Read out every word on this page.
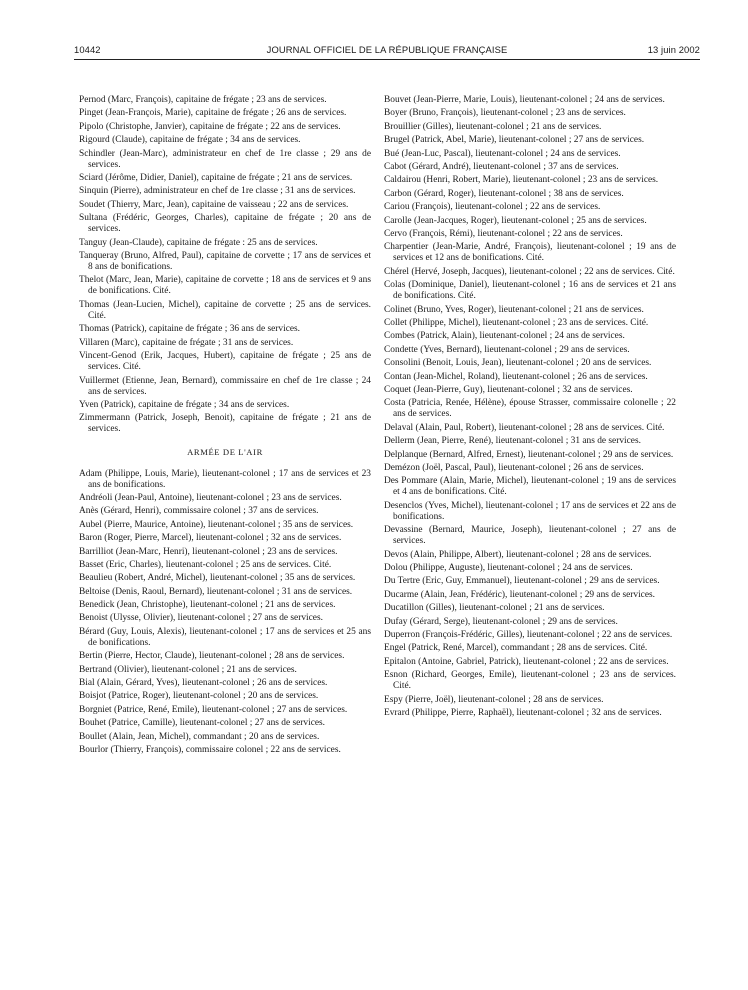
10442	JOURNAL OFFICIEL DE LA RÉPUBLIQUE FRANÇAISE	13 juin 2002

Pernod (Marc, François), capitaine de frégate ; 23 ans de services.

Pinget (Jean-François, Marie), capitaine de frégate ; 26 ans de services.

Pipolo (Christophe, Janvier), capitaine de frégate ; 22 ans de services.

Rigourd (Claude), capitaine de frégate ; 34 ans de services.

Schindler (Jean-Marc), administrateur en chef de 1re classe ; 29 ans de services.

Sciard (Jérôme, Didier, Daniel), capitaine de frégate ; 21 ans de services.

Sinquin (Pierre), administrateur en chef de 1re classe ; 31 ans de services.

Soudet (Thierry, Marc, Jean), capitaine de vaisseau ; 22 ans de services.

Sultana (Frédéric, Georges, Charles), capitaine de frégate ; 20 ans de services.

Tanguy (Jean-Claude), capitaine de frégate : 25 ans de services.

Tanqueray (Bruno, Alfred, Paul), capitaine de corvette ; 17 ans de services et 8 ans de bonifications.

Thelot (Marc, Jean, Marie), capitaine de corvette ; 18 ans de services et 9 ans de bonifications. Cité.

Thomas (Jean-Lucien, Michel), capitaine de corvette ; 25 ans de services. Cité.

Thomas (Patrick), capitaine de frégate ; 36 ans de services.

Villaren (Marc), capitaine de frégate ; 31 ans de services.

Vincent-Genod (Erik, Jacques, Hubert), capitaine de frégate ; 25 ans de services. Cité.

Vuillermet (Etienne, Jean, Bernard), commissaire en chef de 1re classe ; 24 ans de services.

Yven (Patrick), capitaine de frégate ; 34 ans de services.

Zimmermann (Patrick, Joseph, Benoit), capitaine de frégate ; 21 ans de services.

ARMÉE DE L'AIR

Adam (Philippe, Louis, Marie), lieutenant-colonel ; 17 ans de services et 23 ans de bonifications.

Andréoli (Jean-Paul, Antoine), lieutenant-colonel ; 23 ans de services.

Anès (Gérard, Henri), commissaire colonel ; 37 ans de services.

Aubel (Pierre, Maurice, Antoine), lieutenant-colonel ; 35 ans de services.

Baron (Roger, Pierre, Marcel), lieutenant-colonel ; 32 ans de services.

Barrilliot (Jean-Marc, Henri), lieutenant-colonel ; 23 ans de services.

Basset (Eric, Charles), lieutenant-colonel ; 25 ans de services. Cité.

Beaulieu (Robert, André, Michel), lieutenant-colonel ; 35 ans de services.

Beltoise (Denis, Raoul, Bernard), lieutenant-colonel ; 31 ans de services.

Benedick (Jean, Christophe), lieutenant-colonel ; 21 ans de services.

Benoist (Ulysse, Olivier), lieutenant-colonel ; 27 ans de services.

Bérard (Guy, Louis, Alexis), lieutenant-colonel ; 17 ans de services et 25 ans de bonifications.

Bertin (Pierre, Hector, Claude), lieutenant-colonel ; 28 ans de services.

Bertrand (Olivier), lieutenant-colonel ; 21 ans de services.

Bial (Alain, Gérard, Yves), lieutenant-colonel ; 26 ans de services.

Boisjot (Patrice, Roger), lieutenant-colonel ; 20 ans de services.

Borgniet (Patrice, René, Emile), lieutenant-colonel ; 27 ans de services.

Bouhet (Patrice, Camille), lieutenant-colonel ; 27 ans de services.

Boullet (Alain, Jean, Michel), commandant ; 20 ans de services.

Bourlor (Thierry, François), commissaire colonel ; 22 ans de services.

Bouvet (Jean-Pierre, Marie, Louis), lieutenant-colonel ; 24 ans de services.

Boyer (Bruno, François), lieutenant-colonel ; 23 ans de services.

Brouillier (Gilles), lieutenant-colonel ; 21 ans de services.

Brugel (Patrick, Abel, Marie), lieutenant-colonel ; 27 ans de services.

Bué (Jean-Luc, Pascal), lieutenant-colonel ; 24 ans de services.

Cabot (Gérard, André), lieutenant-colonel ; 37 ans de services.

Caldairou (Henri, Robert, Marie), lieutenant-colonel ; 23 ans de services.

Carbon (Gérard, Roger), lieutenant-colonel ; 38 ans de services.

Cariou (François), lieutenant-colonel ; 22 ans de services.

Carolle (Jean-Jacques, Roger), lieutenant-colonel ; 25 ans de services.

Cervo (François, Rémi), lieutenant-colonel ; 22 ans de services.

Charpentier (Jean-Marie, André, François), lieutenant-colonel ; 19 ans de services et 12 ans de bonifications. Cité.

Chérel (Hervé, Joseph, Jacques), lieutenant-colonel ; 22 ans de services. Cité.

Colas (Dominique, Daniel), lieutenant-colonel ; 16 ans de services et 21 ans de bonifications. Cité.

Colinet (Bruno, Yves, Roger), lieutenant-colonel ; 21 ans de services.

Collet (Philippe, Michel), lieutenant-colonel ; 23 ans de services. Cité.

Combes (Patrick, Alain), lieutenant-colonel ; 24 ans de services.

Condette (Yves, Bernard), lieutenant-colonel ; 29 ans de services.

Consolini (Benoit, Louis, Jean), lieutenant-colonel ; 20 ans de services.

Contan (Jean-Michel, Roland), lieutenant-colonel ; 26 ans de services.

Coquet (Jean-Pierre, Guy), lieutenant-colonel ; 32 ans de services.

Costa (Patricia, Renée, Hélène), épouse Strasser, commissaire colonelle ; 22 ans de services.

Delaval (Alain, Paul, Robert), lieutenant-colonel ; 28 ans de services. Cité.

Dellerm (Jean, Pierre, René), lieutenant-colonel ; 31 ans de services.

Delplanque (Bernard, Alfred, Ernest), lieutenant-colonel ; 29 ans de services.

Demézon (Joël, Pascal, Paul), lieutenant-colonel ; 26 ans de services.

Des Pommare (Alain, Marie, Michel), lieutenant-colonel ; 19 ans de services et 4 ans de bonifications. Cité.

Desenclos (Yves, Michel), lieutenant-colonel ; 17 ans de services et 22 ans de bonifications.

Devassine (Bernard, Maurice, Joseph), lieutenant-colonel ; 27 ans de services.

Devos (Alain, Philippe, Albert), lieutenant-colonel ; 28 ans de services.

Dolou (Philippe, Auguste), lieutenant-colonel ; 24 ans de services.

Du Tertre (Eric, Guy, Emmanuel), lieutenant-colonel ; 29 ans de services.

Ducarme (Alain, Jean, Frédéric), lieutenant-colonel ; 29 ans de services.

Ducatillon (Gilles), lieutenant-colonel ; 21 ans de services.

Dufay (Gérard, Serge), lieutenant-colonel ; 29 ans de services.

Duperron (François-Frédéric, Gilles), lieutenant-colonel ; 22 ans de services.

Engel (Patrick, René, Marcel), commandant ; 28 ans de services. Cité.

Epitalon (Antoine, Gabriel, Patrick), lieutenant-colonel ; 22 ans de services.

Esnon (Richard, Georges, Emile), lieutenant-colonel ; 23 ans de services. Cité.

Espy (Pierre, Joël), lieutenant-colonel ; 28 ans de services.

Evrard (Philippe, Pierre, Raphaël), lieutenant-colonel ; 32 ans de services.
